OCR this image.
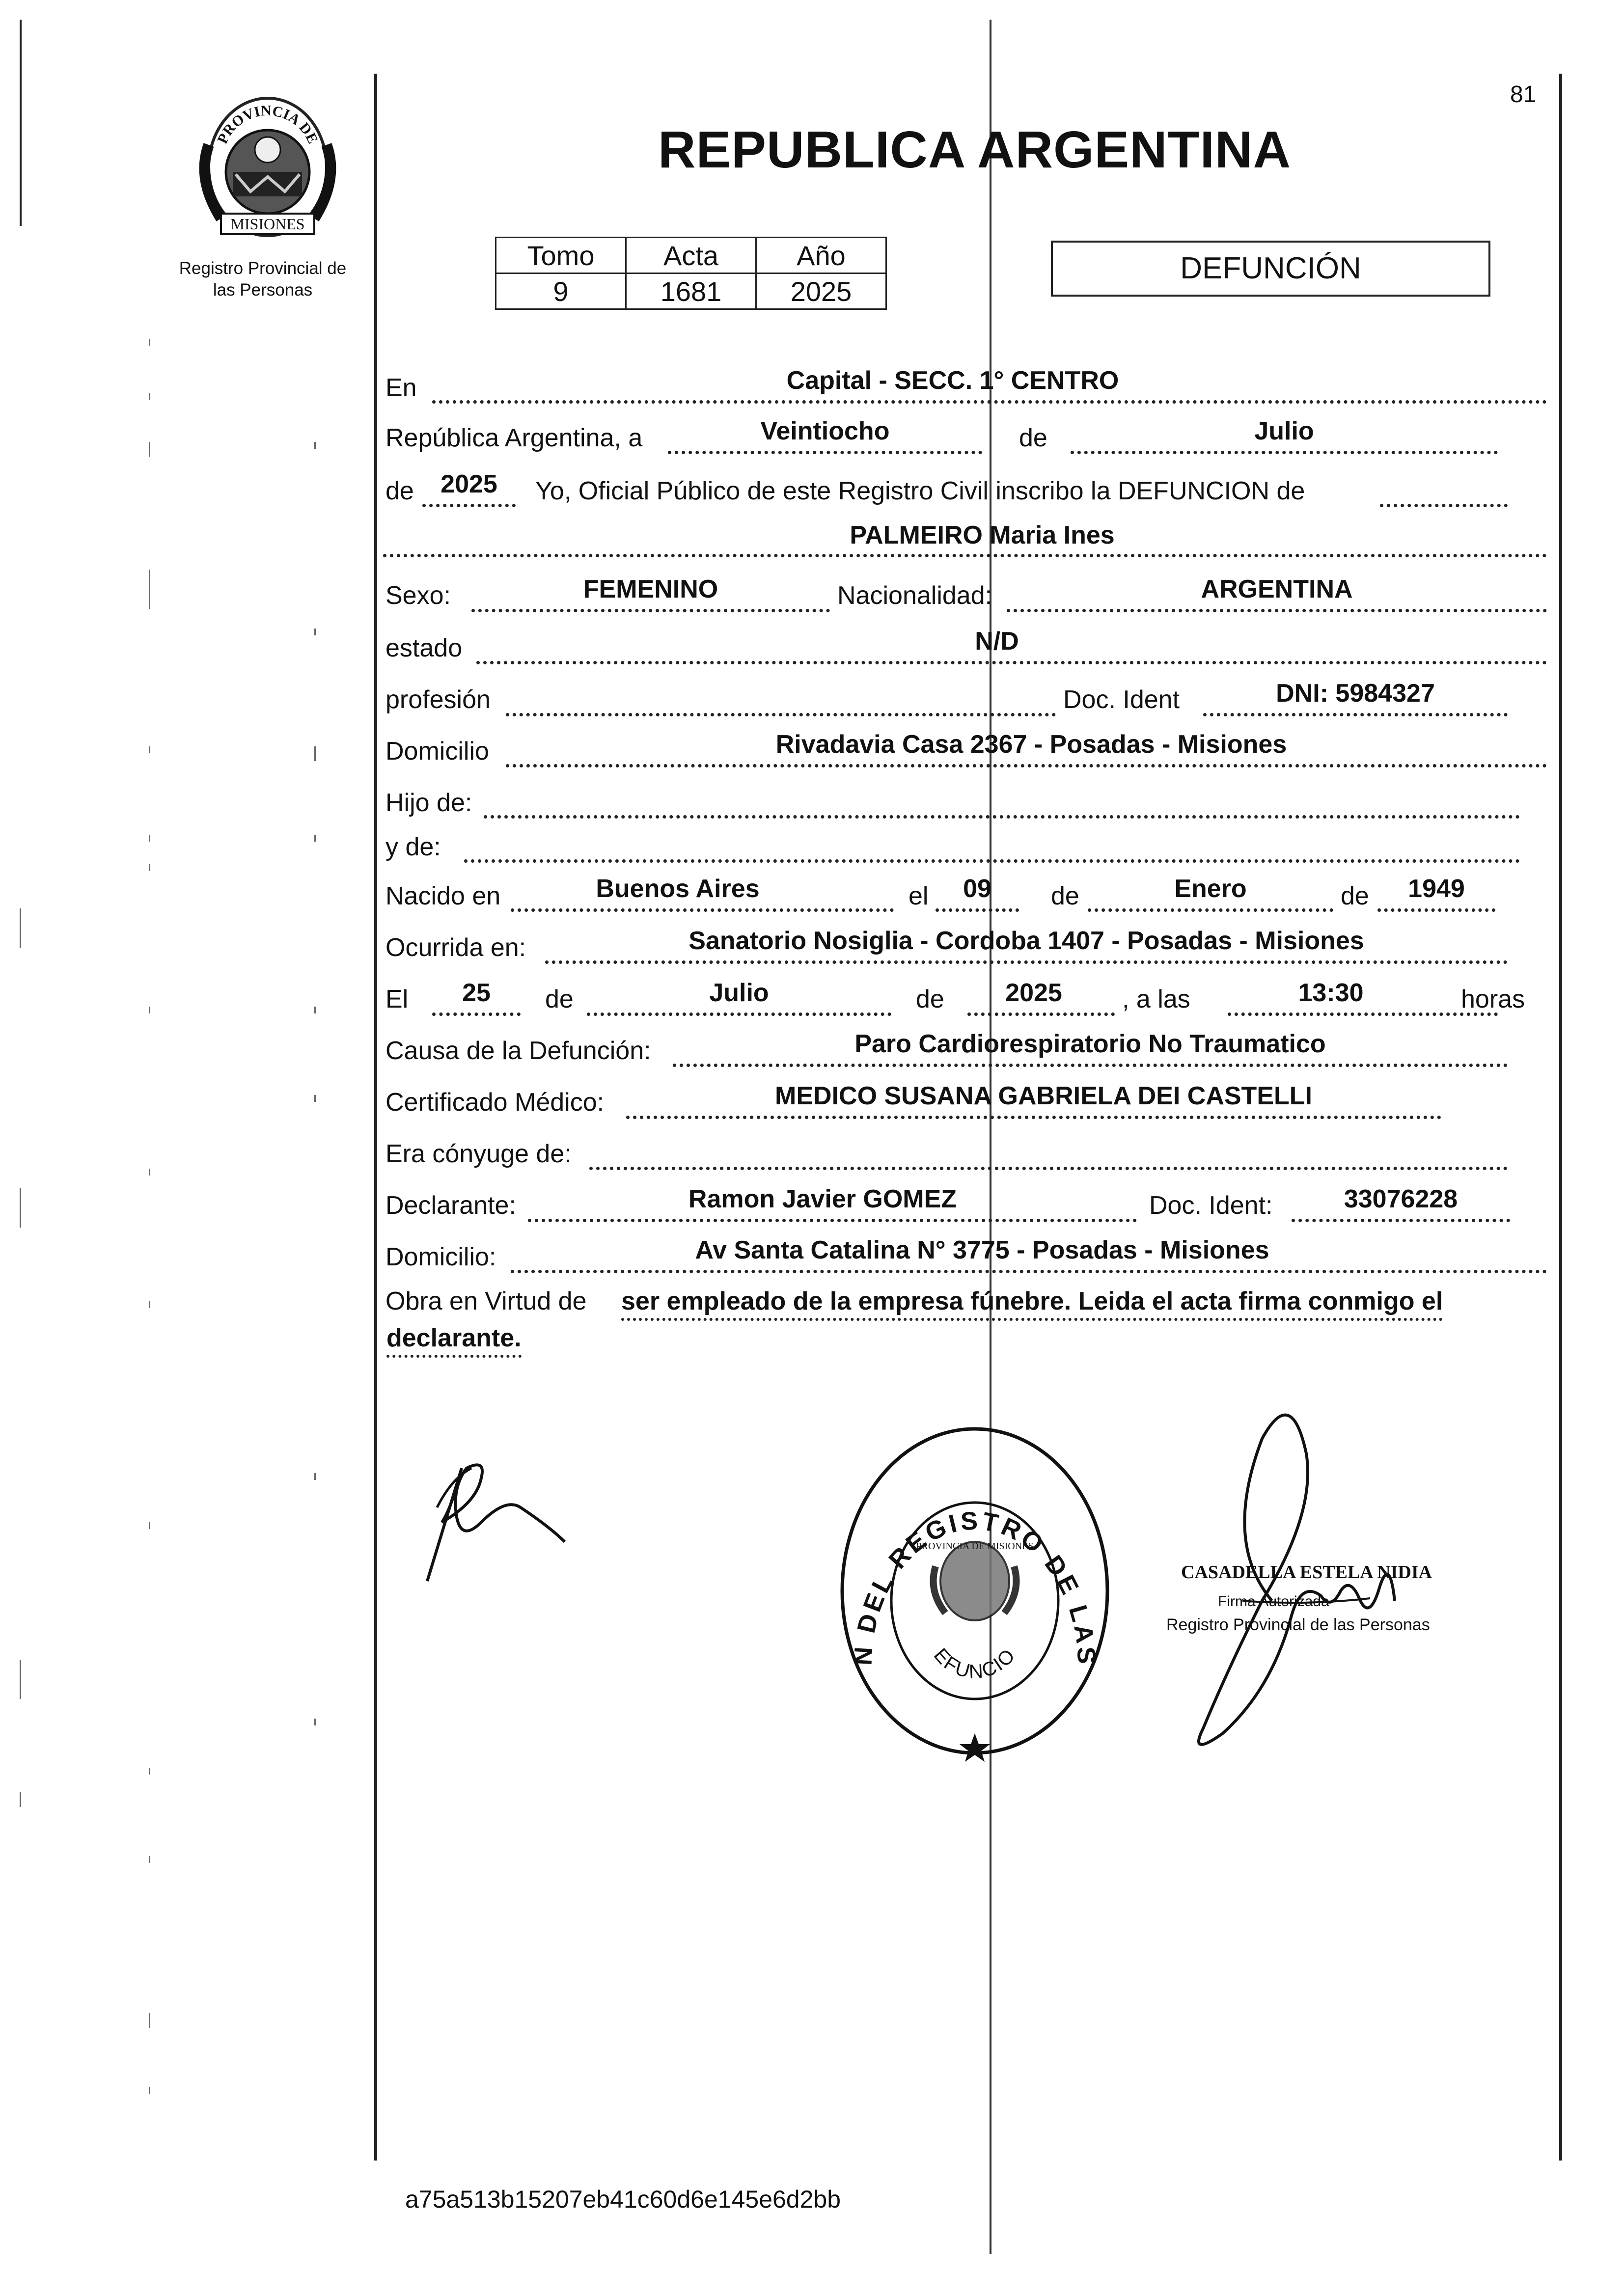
81
REPUBLICA ARGENTINA
PROVINCIA DE
MISIONES
Registro Provincial de
las Personas
Tomo	Acta	Año
9	1681	2025
DEFUNCIÓN
En	Capital - SECC. 1° CENTRO
República Argentina, a	Veintiocho	de	Julio
de	2025	Yo, Oficial Público de este Registro Civil inscribo la DEFUNCION de
PALMEIRO Maria Ines
Sexo:	FEMENINO	Nacionalidad:	ARGENTINA
estado	N/D
profesión	Doc. Ident	DNI: 5984327
Domicilio	Rivadavia Casa 2367 - Posadas - Misiones
Hijo de:
y de:
Nacido en	Buenos Aires	el	09	de	Enero	de	1949
Ocurrida en:	Sanatorio Nosiglia - Cordoba 1407 - Posadas - Misiones
El	25	de	Julio	de	2025	, a las	13:30	horas
Causa de la Defunción:	Paro Cardiorespiratorio No Traumatico
Certificado Médico:	MEDICO SUSANA GABRIELA DEI CASTELLI
Era cónyuge de:
Declarante:	Ramon Javier GOMEZ	Doc. Ident:	33076228
Domicilio:	Av Santa Catalina N° 3775 - Posadas - Misiones
Obra en Virtud de ser empleado de la empresa fúnebre. Leida el acta firma conmigo el
declarante.
N DEL REGISTRO DE LAS
PROVINCIA DE MISIONES
EFUNCIO
CASADELLA ESTELA NIDIA
Firma Autorizada
Registro Provincial de las Personas
a75a513b15207eb41c60d6e145e6d2bb
